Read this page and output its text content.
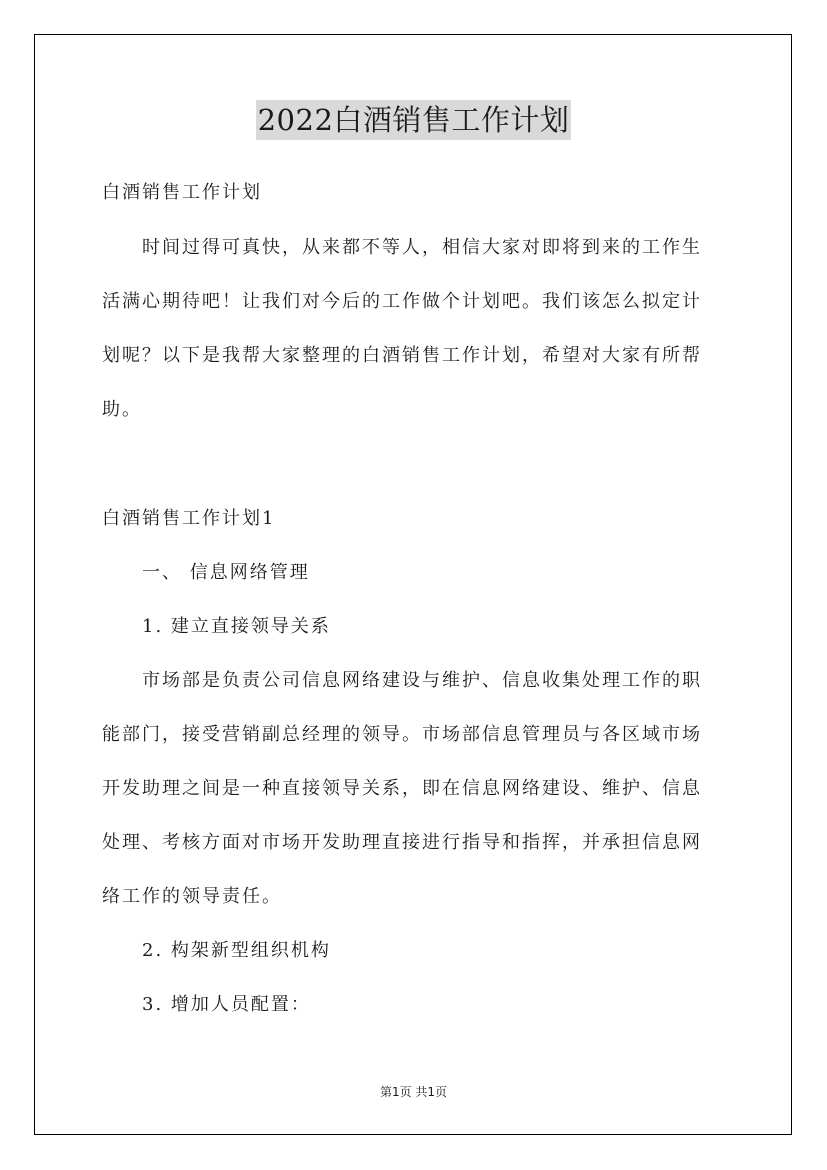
2022白酒销售工作计划
白酒销售工作计划
时间过得可真快，从来都不等人，相信大家对即将到来的工作生
活满心期待吧！让我们对今后的工作做个计划吧。我们该怎么拟定计
划呢？以下是我帮大家整理的白酒销售工作计划，希望对大家有所帮
助。
白酒销售工作计划1
一、 信息网络管理
1. 建立直接领导关系
市场部是负责公司信息网络建设与维护、信息收集处理工作的职
能部门，接受营销副总经理的领导。市场部信息管理员与各区域市场
开发助理之间是一种直接领导关系，即在信息网络建设、维护、信息
处理、考核方面对市场开发助理直接进行指导和指挥，并承担信息网
络工作的领导责任。
2. 构架新型组织机构
3. 增加人员配置：
第1页 共1页
